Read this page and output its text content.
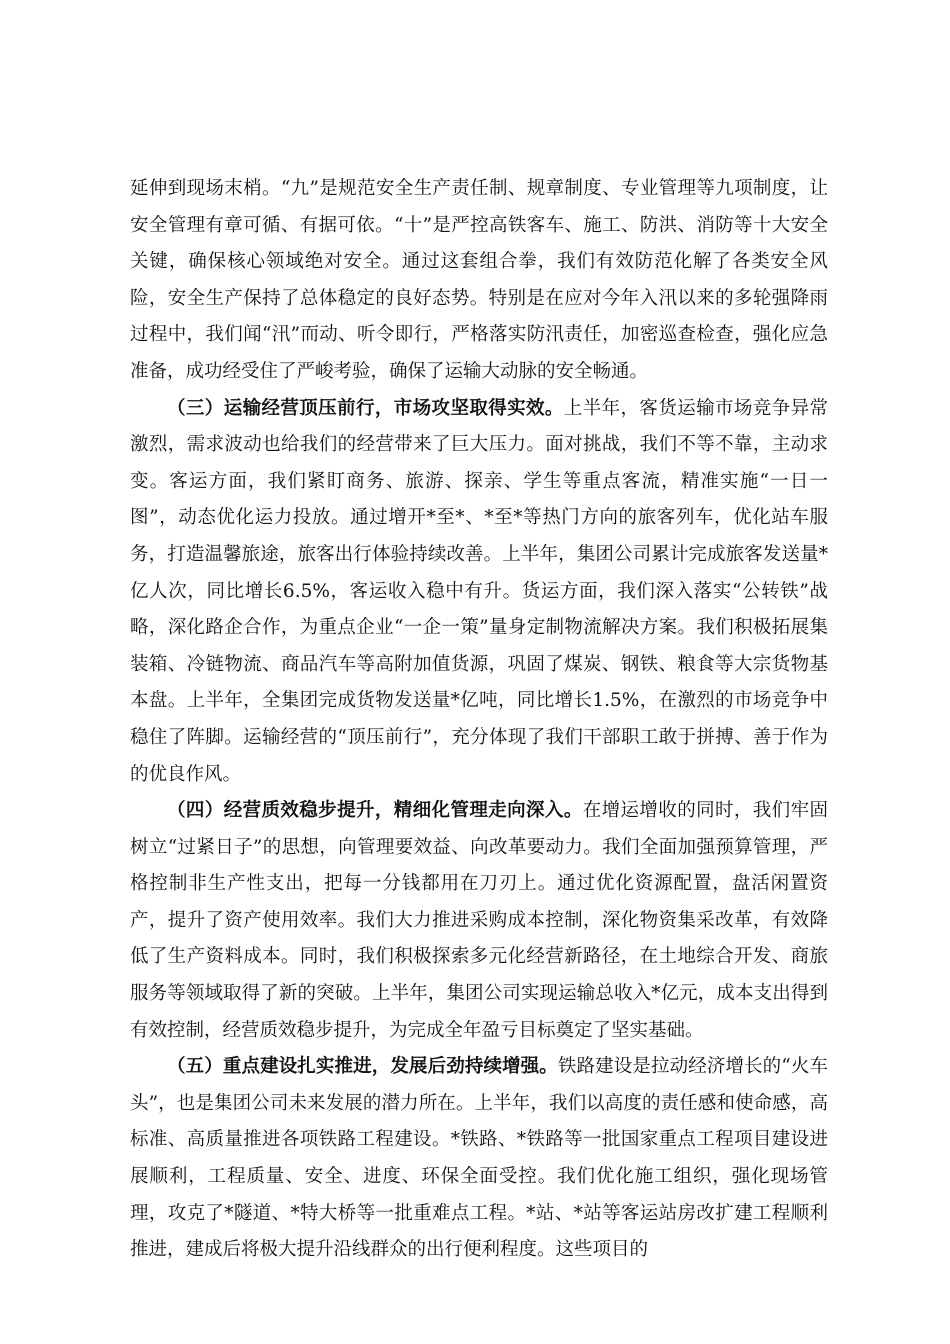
延伸到现场末梢。“九”是规范安全生产责任制、规章制度、专业管理等九项制度，让安全管理有章可循、有据可依。“十”是严控高铁客车、施工、防洪、消防等十大安全关键，确保核心领域绝对安全。通过这套组合拳，我们有效防范化解了各类安全风险，安全生产保持了总体稳定的良好态势。特别是在应对今年入汛以来的多轮强降雨过程中，我们闻“汛”而动、听令即行，严格落实防汛责任，加密巡查检查，强化应急准备，成功经受住了严峻考验，确保了运输大动脉的安全畅通。

（三）运输经营顶压前行，市场攻坚取得实效。上半年，客货运输市场竞争异常激烈，需求波动也给我们的经营带来了巨大压力。面对挑战，我们不等不靠，主动求变。客运方面，我们紧盯商务、旅游、探亲、学生等重点客流，精准实施“一日一图”，动态优化运力投放。通过增开*至*、*至*等热门方向的旅客列车，优化站车服务，打造温馨旅途，旅客出行体验持续改善。上半年，集团公司累计完成旅客发送量*亿人次，同比增长6.5%，客运收入稳中有升。货运方面，我们深入落实“公转铁”战略，深化路企合作，为重点企业“一企一策”量身定制物流解决方案。我们积极拓展集装箱、冷链物流、商品汽车等高附加值货源，巩固了煤炭、钢铁、粮食等大宗货物基本盘。上半年，全集团完成货物发送量*亿吨，同比增长1.5%，在激烈的市场竞争中稳住了阵脚。运输经营的“顶压前行”，充分体现了我们干部职工敢于拼搏、善于作为的优良作风。

（四）经营质效稳步提升，精细化管理走向深入。在增运增收的同时，我们牢固树立“过紧日子”的思想，向管理要效益、向改革要动力。我们全面加强预算管理，严格控制非生产性支出，把每一分钱都用在刀刃上。通过优化资源配置，盘活闲置资产，提升了资产使用效率。我们大力推进采购成本控制，深化物资集采改革，有效降低了生产资料成本。同时，我们积极探索多元化经营新路径，在土地综合开发、商旅服务等领域取得了新的突破。上半年，集团公司实现运输总收入*亿元，成本支出得到有效控制，经营质效稳步提升，为完成全年盈亏目标奠定了坚实基础。

（五）重点建设扎实推进，发展后劲持续增强。铁路建设是拉动经济增长的“火车头”，也是集团公司未来发展的潜力所在。上半年，我们以高度的责任感和使命感，高标准、高质量推进各项铁路工程建设。*铁路、*铁路等一批国家重点工程项目建设进展顺利，工程质量、安全、进度、环保全面受控。我们优化施工组织，强化现场管理，攻克了*隧道、*特大桥等一批重难点工程。*站、*站等客运站房改扩建工程顺利推进，建成后将极大提升沿线群众的出行便利程度。这些项目的
